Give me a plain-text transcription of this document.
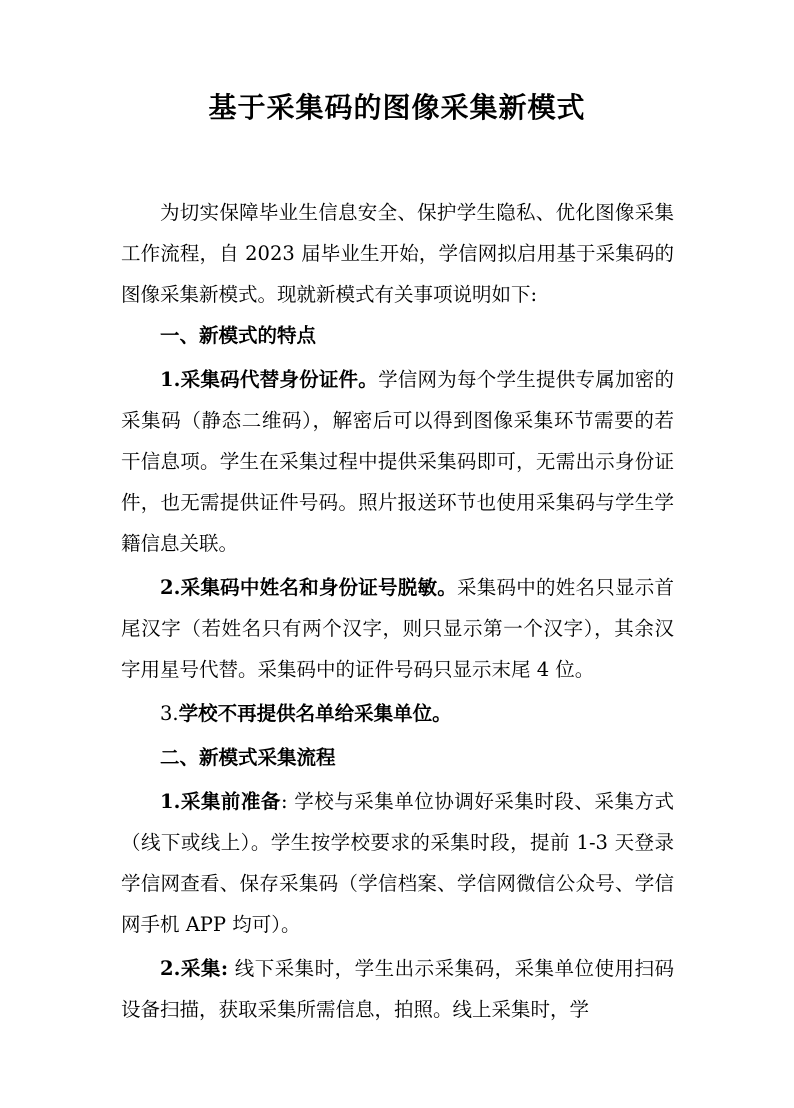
基于采集码的图像采集新模式

为切实保障毕业生信息安全、保护学生隐私、优化图像采集工作流程，自 2023 届毕业生开始，学信网拟启用基于采集码的图像采集新模式。现就新模式有关事项说明如下:

一、新模式的特点

1.采集码代替身份证件。学信网为每个学生提供专属加密的采集码（静态二维码），解密后可以得到图像采集环节需要的若干信息项。学生在采集过程中提供采集码即可，无需出示身份证件，也无需提供证件号码。照片报送环节也使用采集码与学生学籍信息关联。

2.采集码中姓名和身份证号脱敏。采集码中的姓名只显示首尾汉字（若姓名只有两个汉字，则只显示第一个汉字），其余汉字用星号代替。采集码中的证件号码只显示末尾 4 位。

3.学校不再提供名单给采集单位。

二、新模式采集流程

1.采集前准备: 学校与采集单位协调好采集时段、采集方式（线下或线上）。学生按学校要求的采集时段，提前 1-3 天登录学信网查看、保存采集码（学信档案、学信网微信公众号、学信网手机 APP 均可）。

2.采集: 线下采集时，学生出示采集码，采集单位使用扫码设备扫描，获取采集所需信息，拍照。线上采集时，学
